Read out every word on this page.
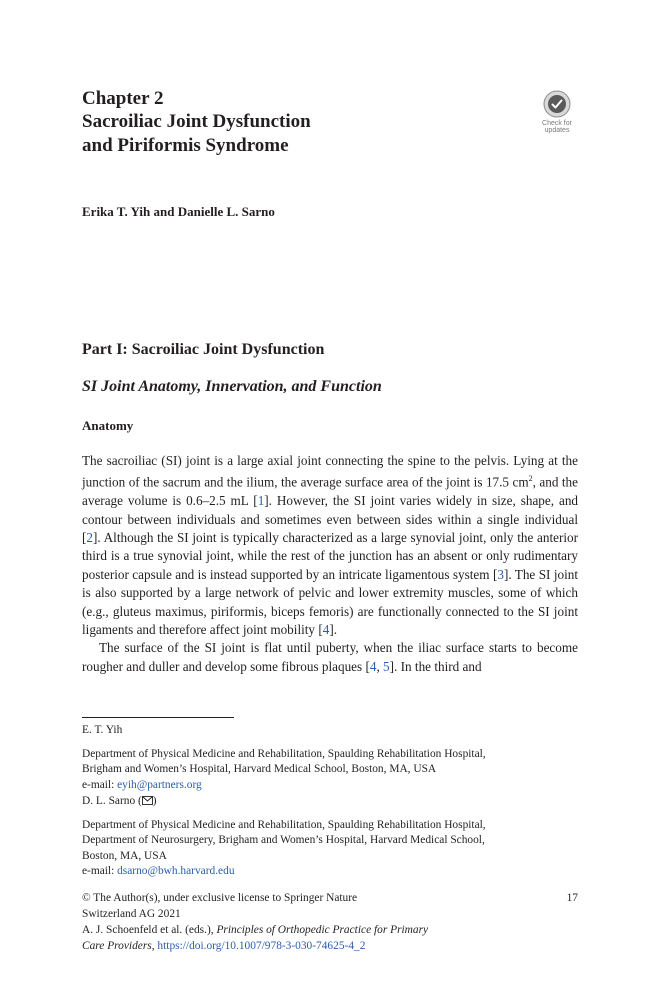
Chapter 2
Sacroiliac Joint Dysfunction
and Piriformis Syndrome
Check for
updates
Erika T. Yih and Danielle L. Sarno
Part I: Sacroiliac Joint Dysfunction
SI Joint Anatomy, Innervation, and Function
Anatomy

The sacroiliac (SI) joint is a large axial joint connecting the spine to the pelvis. Lying at the junction of the sacrum and the ilium, the average surface area of the joint is 17.5 $cm^2$, and the average volume is 0.6–2.5 mL [1]. However, the SI joint varies widely in size, shape, and contour between individuals and sometimes even between sides within a single individual [2]. Although the SI joint is typically characterized as a large synovial joint, only the anterior third is a true synovial joint, while the rest of the junction has an absent or only rudimentary posterior capsule and is instead supported by an intricate ligamentous system [3]. The SI joint is also supported by a large network of pelvic and lower extremity muscles, some of which (e.g., gluteus maximus, piriformis, biceps femoris) are functionally connected to the SI joint ligaments and therefore affect joint mobility [4].

The surface of the SI joint is flat until puberty, when the iliac surface starts to become rougher and duller and develop some fibrous plaques [4, 5]. In the third and

E. T. Yih
Department of Physical Medicine and Rehabilitation, Spaulding Rehabilitation Hospital,
Brigham and Women’s Hospital, Harvard Medical School, Boston, MA, USA
e-mail: eyih@partners.org
D. L. Sarno ( )
Department of Physical Medicine and Rehabilitation, Spaulding Rehabilitation Hospital,
Department of Neurosurgery, Brigham and Women’s Hospital, Harvard Medical School,
Boston, MA, USA
e-mail: dsarno@bwh.harvard.edu
© The Author(s), under exclusive license to Springer Nature
Switzerland AG 2021
A. J. Schoenfeld et al. (eds.), Principles of Orthopedic Practice for Primary
Care Providers, https://doi.org/10.1007/978-3-030-74625-4_2
17
